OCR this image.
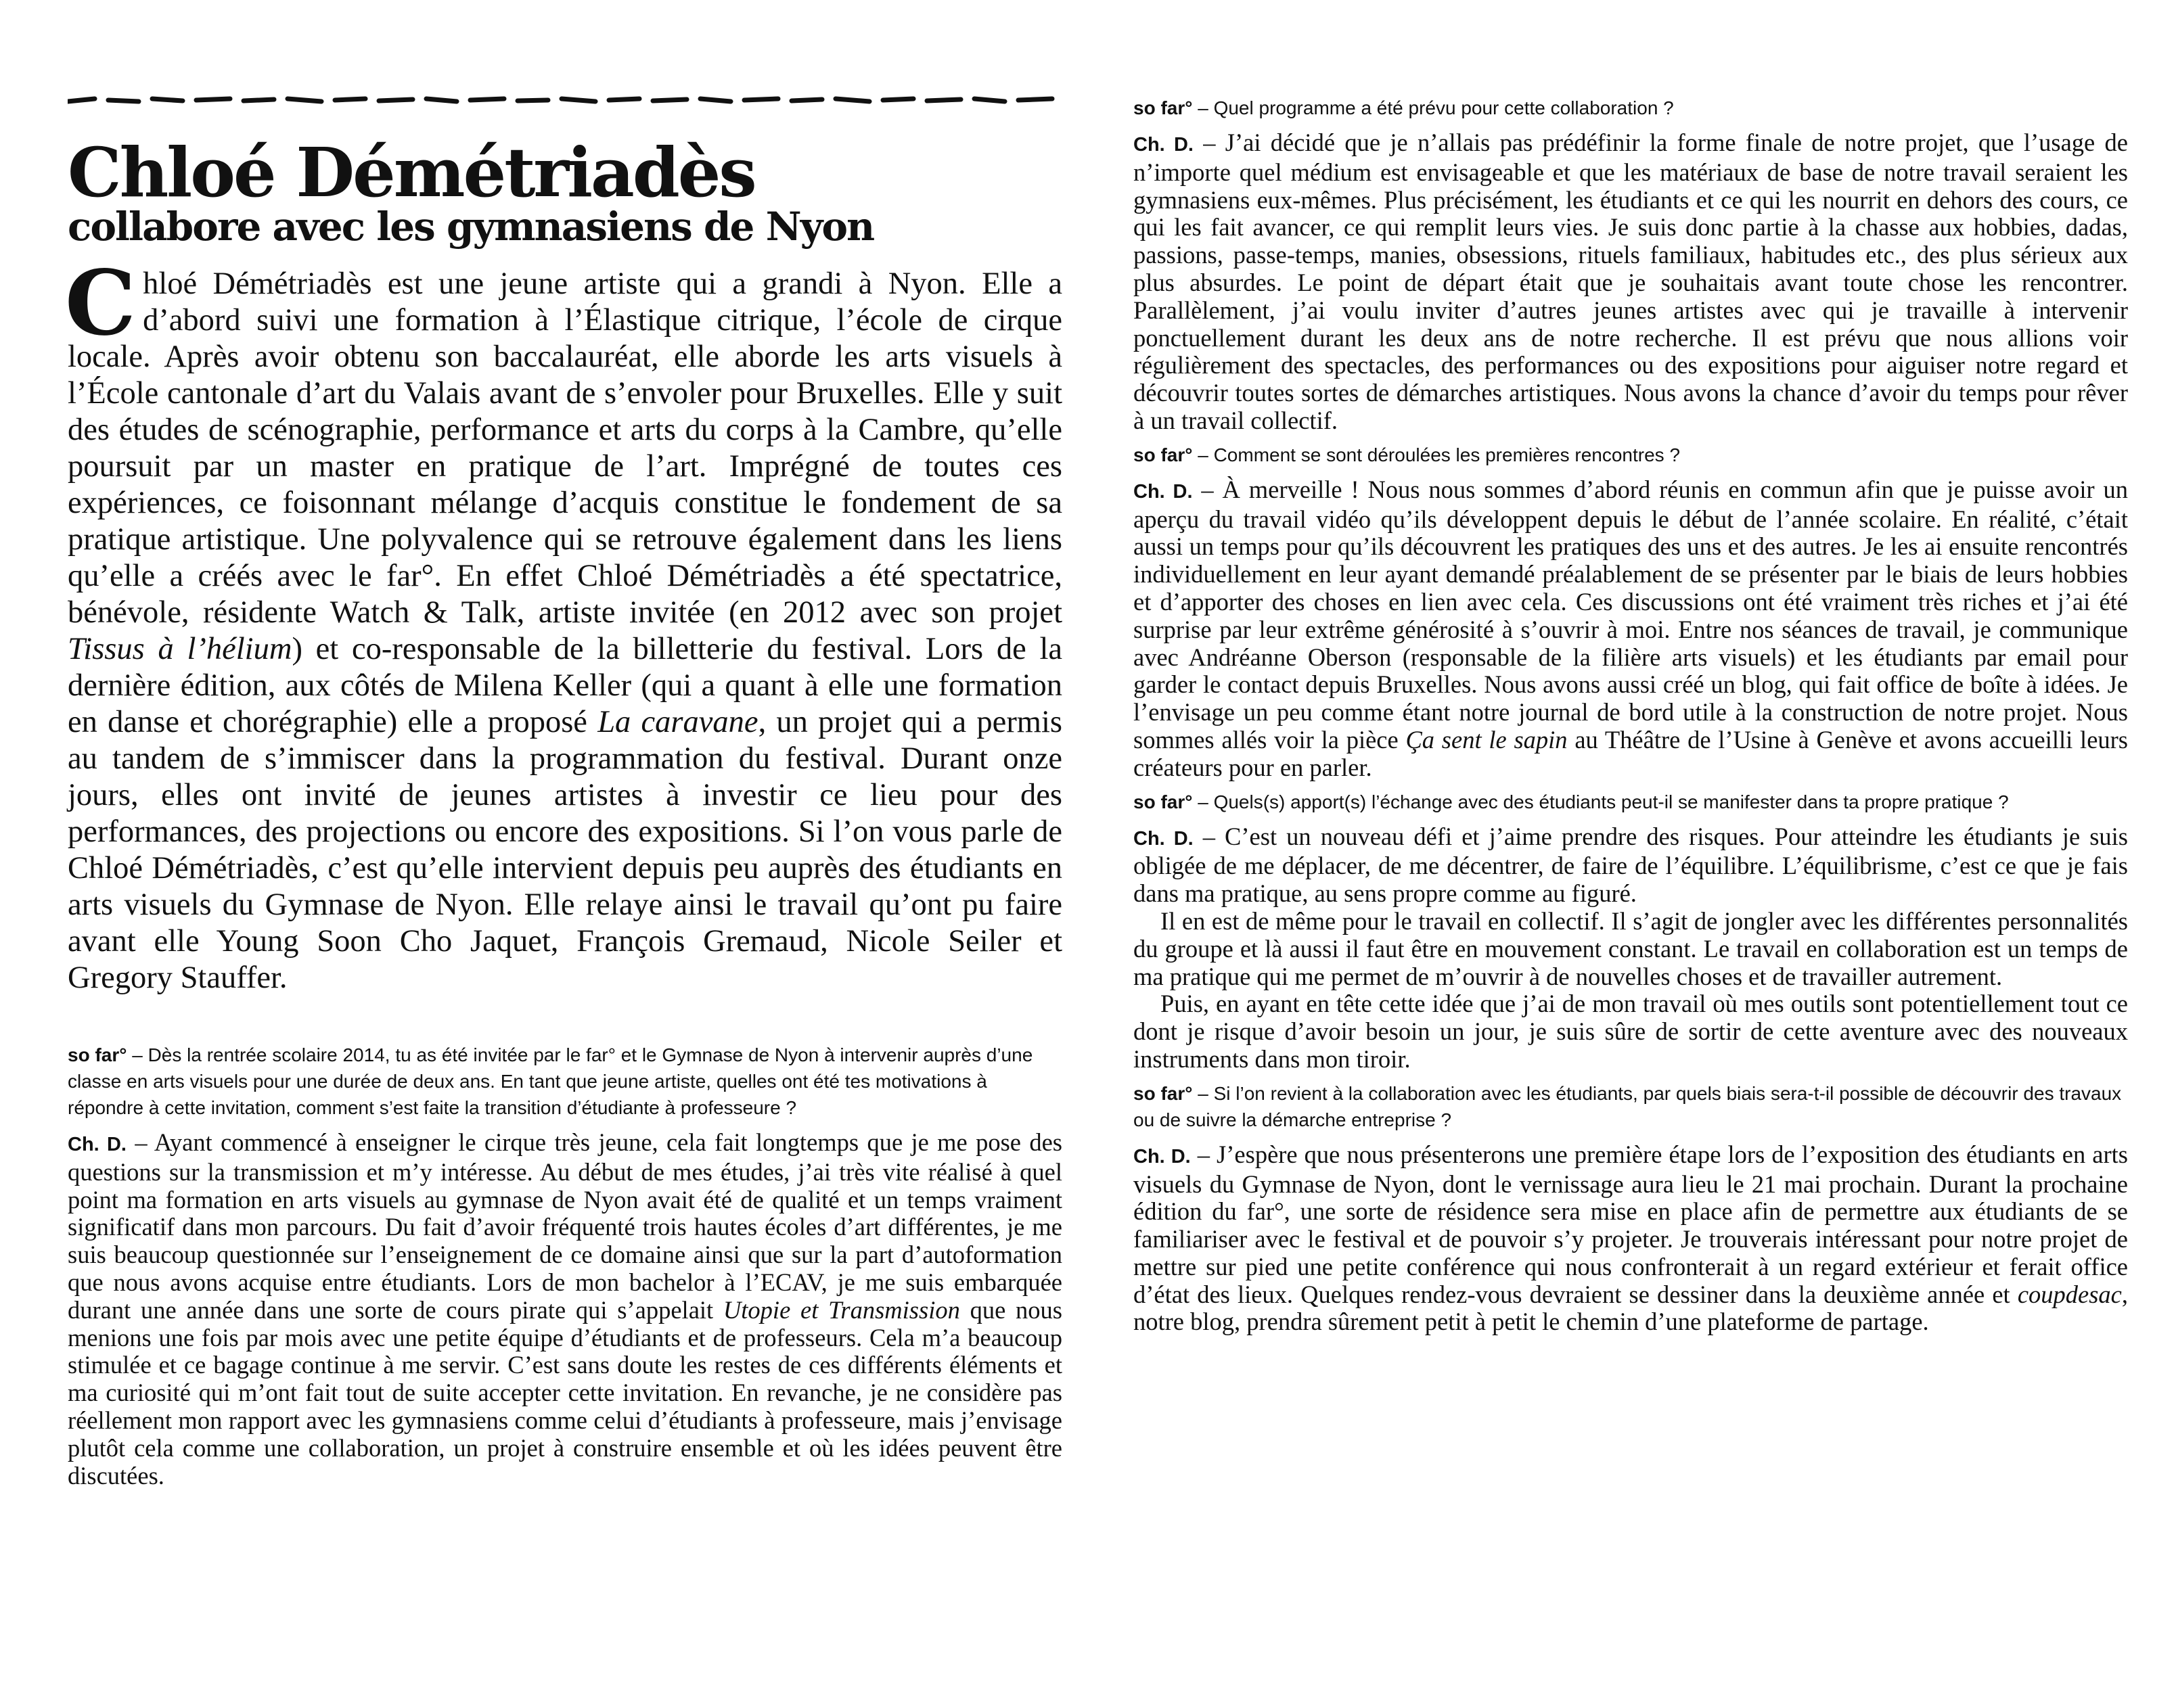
Chloé Démétriadès
collabore avec les gymnasiens de Nyon

Chloé Démétriadès est une jeune artiste qui a grandi à Nyon. Elle a d’abord suivi une formation à l’Élastique citrique, l’école de cirque locale. Après avoir obtenu son baccalauréat, elle aborde les arts visuels à l’École cantonale d’art du Valais avant de s’envoler pour Bruxelles. Elle y suit des études de scénographie, performance et arts du corps à la Cambre, qu’elle poursuit par un master en pratique de l’art. Imprégné de toutes ces expériences, ce foisonnant mélange d’acquis constitue le fondement de sa pratique artistique. Une polyvalence qui se retrouve également dans les liens qu’elle a créés avec le far°. En effet Chloé Démétriadès a été spectatrice, bénévole, résidente Watch & Talk, artiste invitée (en 2012 avec son projet Tissus à l’hélium) et co-responsable de la billetterie du festival. Lors de la dernière édition, aux côtés de Milena Keller (qui a quant à elle une formation en danse et chorégraphie) elle a proposé La caravane, un projet qui a permis au tandem de s’immiscer dans la programmation du festival. Durant onze jours, elles ont invité de jeunes artistes à investir ce lieu pour des performances, des projections ou encore des expositions. Si l’on vous parle de Chloé Démétriadès, c’est qu’elle intervient depuis peu auprès des étudiants en arts visuels du Gymnase de Nyon. Elle relaye ainsi le travail qu’ont pu faire avant elle Young Soon Cho Jaquet, François Gremaud, Nicole Seiler et Gregory Stauffer.

so far° – Dès la rentrée scolaire 2014, tu as été invitée par le far° et le Gymnase de Nyon à intervenir auprès d’une classe en arts visuels pour une durée de deux ans. En tant que jeune artiste, quelles ont été tes motivations à répondre à cette invitation, comment s’est faite la transition d’étudiante à professeure ?

Ch. D. – Ayant commencé à enseigner le cirque très jeune, cela fait longtemps que je me pose des questions sur la transmission et m’y intéresse. Au début de mes études, j’ai très vite réalisé à quel point ma formation en arts visuels au gymnase de Nyon avait été de qualité et un temps vraiment significatif dans mon parcours. Du fait d’avoir fréquenté trois hautes écoles d’art différentes, je me suis beaucoup questionnée sur l’enseignement de ce domaine ainsi que sur la part d’autoformation que nous avons acquise entre étudiants. Lors de mon bachelor à l’ECAV, je me suis embarquée durant une année dans une sorte de cours pirate qui s’appelait Utopie et Transmission que nous menions une fois par mois avec une petite équipe d’étudiants et de professeurs. Cela m’a beaucoup stimulée et ce bagage continue à me servir. C’est sans doute les restes de ces différents éléments et ma curiosité qui m’ont fait tout de suite accepter cette invitation. En revanche, je ne considère pas réellement mon rapport avec les gymnasiens comme celui d’étudiants à professeure, mais j’envisage plutôt cela comme une collaboration, un projet à construire ensemble et où les idées peuvent être discutées.

so far° – Quel programme a été prévu pour cette collaboration ?

Ch. D. – J’ai décidé que je n’allais pas prédéfinir la forme finale de notre projet, que l’usage de n’importe quel médium est envisageable et que les matériaux de base de notre travail seraient les gymnasiens eux-mêmes. Plus précisément, les étudiants et ce qui les nourrit en dehors des cours, ce qui les fait avancer, ce qui remplit leurs vies. Je suis donc partie à la chasse aux hobbies, dadas, passions, passe-temps, manies, obsessions, rituels familiaux, habitudes etc., des plus sérieux aux plus absurdes. Le point de départ était que je souhaitais avant toute chose les rencontrer. Parallèlement, j’ai voulu inviter d’autres jeunes artistes avec qui je travaille à intervenir ponctuellement durant les deux ans de notre recherche. Il est prévu que nous allions voir régulièrement des spectacles, des performances ou des expositions pour aiguiser notre regard et découvrir toutes sortes de démarches artistiques. Nous avons la chance d’avoir du temps pour rêver à un travail collectif.

so far° – Comment se sont déroulées les premières rencontres ?

Ch. D. – À merveille ! Nous nous sommes d’abord réunis en commun afin que je puisse avoir un aperçu du travail vidéo qu’ils développent depuis le début de l’année scolaire. En réalité, c’était aussi un temps pour qu’ils découvrent les pratiques des uns et des autres. Je les ai ensuite rencontrés individuellement en leur ayant demandé préalablement de se présenter par le biais de leurs hobbies et d’apporter des choses en lien avec cela. Ces discussions ont été vraiment très riches et j’ai été surprise par leur extrême générosité à s’ouvrir à moi. Entre nos séances de travail, je communique avec Andréanne Oberson (responsable de la filière arts visuels) et les étudiants par email pour garder le contact depuis Bruxelles. Nous avons aussi créé un blog, qui fait office de boîte à idées. Je l’envisage un peu comme étant notre journal de bord utile à la construction de notre projet. Nous sommes allés voir la pièce Ça sent le sapin au Théâtre de l’Usine à Genève et avons accueilli leurs créateurs pour en parler.

so far° – Quels(s) apport(s) l’échange avec des étudiants peut-il se manifester dans ta propre pratique ?

Ch. D. – C’est un nouveau défi et j’aime prendre des risques. Pour atteindre les étudiants je suis obligée de me déplacer, de me décentrer, de faire de l’équilibre. L’équilibrisme, c’est ce que je fais dans ma pratique, au sens propre comme au figuré.

Il en est de même pour le travail en collectif. Il s’agit de jongler avec les différentes personnalités du groupe et là aussi il faut être en mouvement constant. Le travail en collaboration est un temps de ma pratique qui me permet de m’ouvrir à de nouvelles choses et de travailler autrement.

Puis, en ayant en tête cette idée que j’ai de mon travail où mes outils sont potentiellement tout ce dont je risque d’avoir besoin un jour, je suis sûre de sortir de cette aventure avec des nouveaux instruments dans mon tiroir.

so far° – Si l’on revient à la collaboration avec les étudiants, par quels biais sera-t-il possible de découvrir des travaux ou de suivre la démarche entreprise ?

Ch. D. – J’espère que nous présenterons une première étape lors de l’exposition des étudiants en arts visuels du Gymnase de Nyon, dont le vernissage aura lieu le 21 mai prochain. Durant la prochaine édition du far°, une sorte de résidence sera mise en place afin de permettre aux étudiants de se familiariser avec le festival et de pouvoir s’y projeter. Je trouverais intéressant pour notre projet de mettre sur pied une petite conférence qui nous confronterait à un regard extérieur et ferait office d’état des lieux. Quelques rendez-vous devraient se dessiner dans la deuxième année et coupdesac, notre blog, prendra sûrement petit à petit le chemin d’une plateforme de partage.
